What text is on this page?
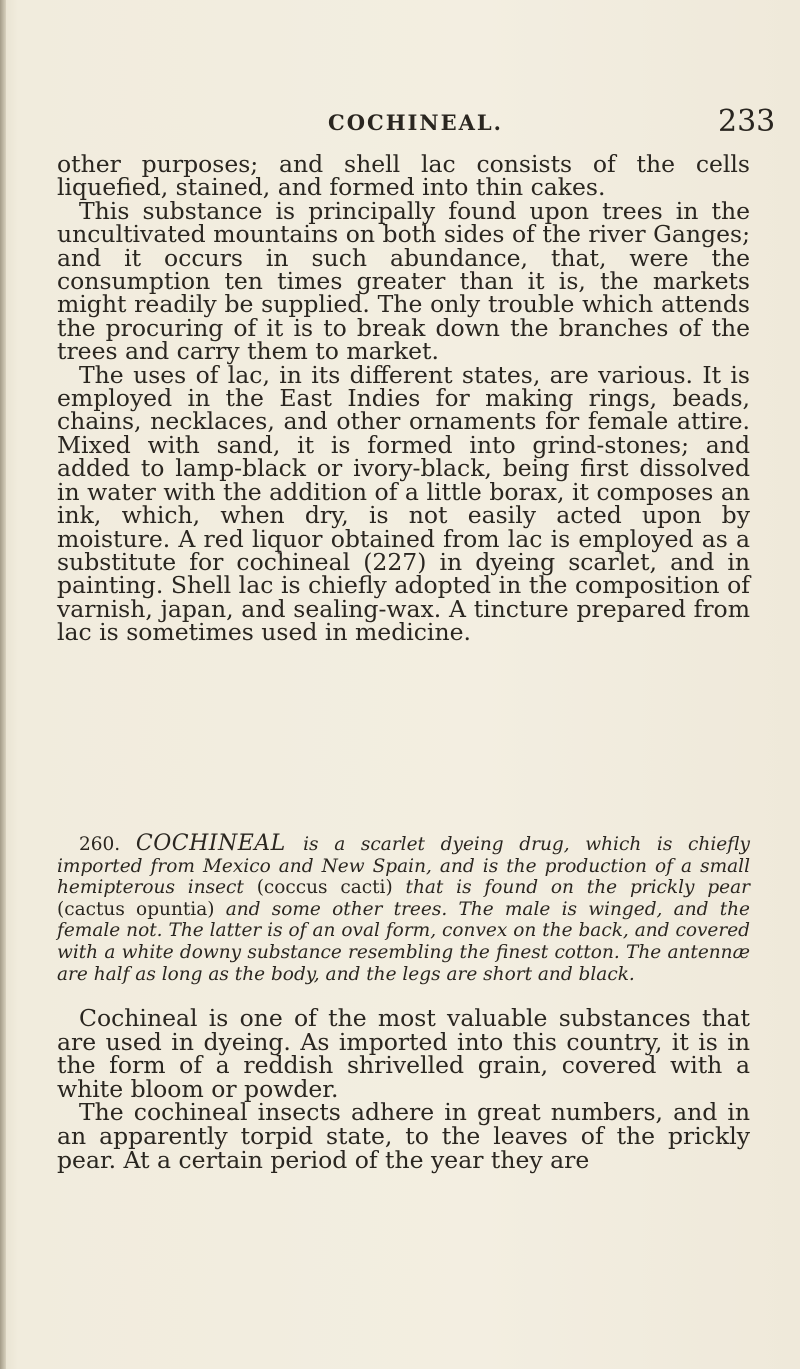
COCHINEAL.	233

other purposes; and shell lac consists of the cells liquefied, stained, and formed into thin cakes.

This substance is principally found upon trees in the uncultivated mountains on both sides of the river Ganges; and it occurs in such abundance, that, were the consumption ten times greater than it is, the markets might readily be supplied. The only trouble which attends the procuring of it is to break down the branches of the trees and carry them to market.

The uses of lac, in its different states, are various. It is employed in the East Indies for making rings, beads, chains, necklaces, and other ornaments for female attire. Mixed with sand, it is formed into grind-stones; and added to lamp-black or ivory-black, being first dissolved in water with the addition of a little borax, it composes an ink, which, when dry, is not easily acted upon by moisture. A red liquor obtained from lac is employed as a substitute for cochineal (227) in dyeing scarlet, and in painting. Shell lac is chiefly adopted in the composition of varnish, japan, and sealing-wax. A tincture prepared from lac is sometimes used in medicine.

260. COCHINEAL is a scarlet dyeing drug, which is chiefly imported from Mexico and New Spain, and is the production of a small hemipterous insect (coccus cacti) that is found on the prickly pear (cactus opuntia) and some other trees. The male is winged, and the female not. The latter is of an oval form, convex on the back, and covered with a white downy substance resembling the finest cotton. The antennæ are half as long as the body, and the legs are short and black.

Cochineal is one of the most valuable substances that are used in dyeing. As imported into this country, it is in the form of a reddish shrivelled grain, covered with a white bloom or powder.

The cochineal insects adhere in great numbers, and in an apparently torpid state, to the leaves of the prickly pear. At a certain period of the year they are
